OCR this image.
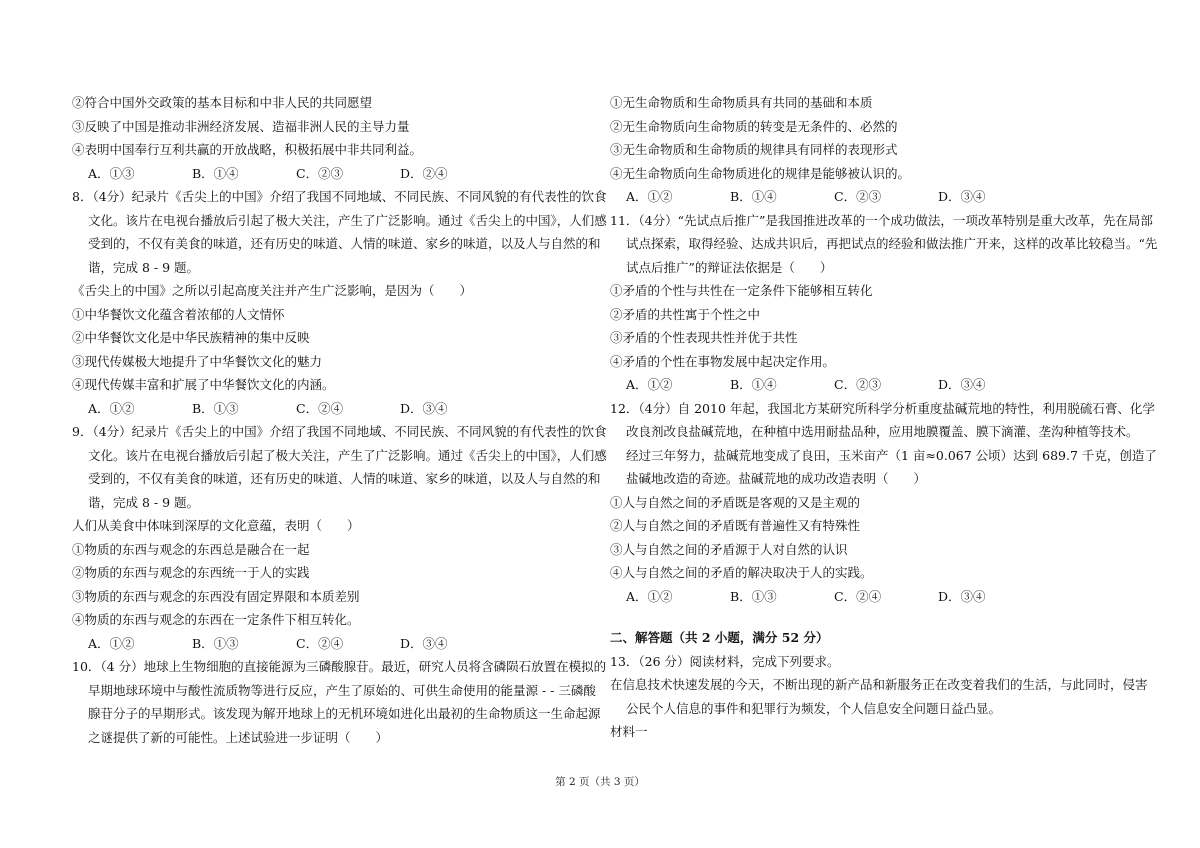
②符合中国外交政策的基本目标和中非人民的共同愿望
③反映了中国是推动非洲经济发展、造福非洲人民的主导力量
④表明中国奉行互利共赢的开放战略，积极拓展中非共同利益。
A．①③	B．①④	C．②③	D．②④
8．（4分）纪录片《舌尖上的中国》介绍了我国不同地域、不同民族、不同风貌的有代表性的饮食
文化。该片在电视台播放后引起了极大关注，产生了广泛影响。通过《舌尖上的中国》，人们感
受到的，不仅有美食的味道，还有历史的味道、人情的味道、家乡的味道，以及人与自然的和
谐，完成 8 - 9 题。
《舌尖上的中国》之所以引起高度关注并产生广泛影响，是因为（　　）
①中华餐饮文化蕴含着浓郁的人文情怀
②中华餐饮文化是中华民族精神的集中反映
③现代传媒极大地提升了中华餐饮文化的魅力
④现代传媒丰富和扩展了中华餐饮文化的内涵。
A．①②	B．①③	C．②④	D．③④
9．（4分）纪录片《舌尖上的中国》介绍了我国不同地域、不同民族、不同风貌的有代表性的饮食
文化。该片在电视台播放后引起了极大关注，产生了广泛影响。通过《舌尖上的中国》，人们感
受到的，不仅有美食的味道，还有历史的味道、人情的味道、家乡的味道，以及人与自然的和
谐，完成 8 - 9 题。
人们从美食中体味到深厚的文化意蕴，表明（　　）
①物质的东西与观念的东西总是融合在一起
②物质的东西与观念的东西统一于人的实践
③物质的东西与观念的东西没有固定界限和本质差别
④物质的东西与观念的东西在一定条件下相互转化。
A．①②	B．①③	C．②④	D．③④
10．（4 分）地球上生物细胞的直接能源为三磷酸腺苷。最近，研究人员将含磷陨石放置在模拟的
早期地球环境中与酸性流质物等进行反应，产生了原始的、可供生命使用的能量源 - - 三磷酸
腺苷分子的早期形式。该发现为解开地球上的无机环境如进化出最初的生命物质这一生命起源
之谜提供了新的可能性。上述试验进一步证明（　　）
①无生命物质和生命物质具有共同的基础和本质
②无生命物质向生命物质的转变是无条件的、必然的
③无生命物质和生命物质的规律具有同样的表现形式
④无生命物质向生命物质进化的规律是能够被认识的。
A．①②	B．①④	C．②③	D．③④
11．（4分）“先试点后推广”是我国推进改革的一个成功做法，一项改革特别是重大改革，先在局部
试点探索，取得经验、达成共识后，再把试点的经验和做法推广开来，这样的改革比较稳当。“先
试点后推广”的辩证法依据是（　　）
①矛盾的个性与共性在一定条件下能够相互转化
②矛盾的共性寓于个性之中
③矛盾的个性表现共性并优于共性
④矛盾的个性在事物发展中起决定作用。
A．①②	B．①④	C．②③	D．③④
12．（4分）自 2010 年起，我国北方某研究所科学分析重度盐碱荒地的特性，利用脱硫石膏、化学
改良剂改良盐碱荒地，在种植中选用耐盐品种，应用地膜覆盖、膜下滴灌、垄沟种植等技术。
经过三年努力，盐碱荒地变成了良田，玉米亩产（1 亩≈0.067 公顷）达到 689.7 千克，创造了
盐碱地改造的奇迹。盐碱荒地的成功改造表明（　　）
①人与自然之间的矛盾既是客观的又是主观的
②人与自然之间的矛盾既有普遍性又有特殊性
③人与自然之间的矛盾源于人对自然的认识
④人与自然之间的矛盾的解决取决于人的实践。
A．①②	B．①③	C．②④	D．③④
二、解答题（共 2 小题，满分 52 分）
13．（26 分）阅读材料，完成下列要求。
在信息技术快速发展的今天，不断出现的新产品和新服务正在改变着我们的生活，与此同时，侵害
公民个人信息的事件和犯罪行为频发，个人信息安全问题日益凸显。
材料一
第 2 页（共 3 页）
